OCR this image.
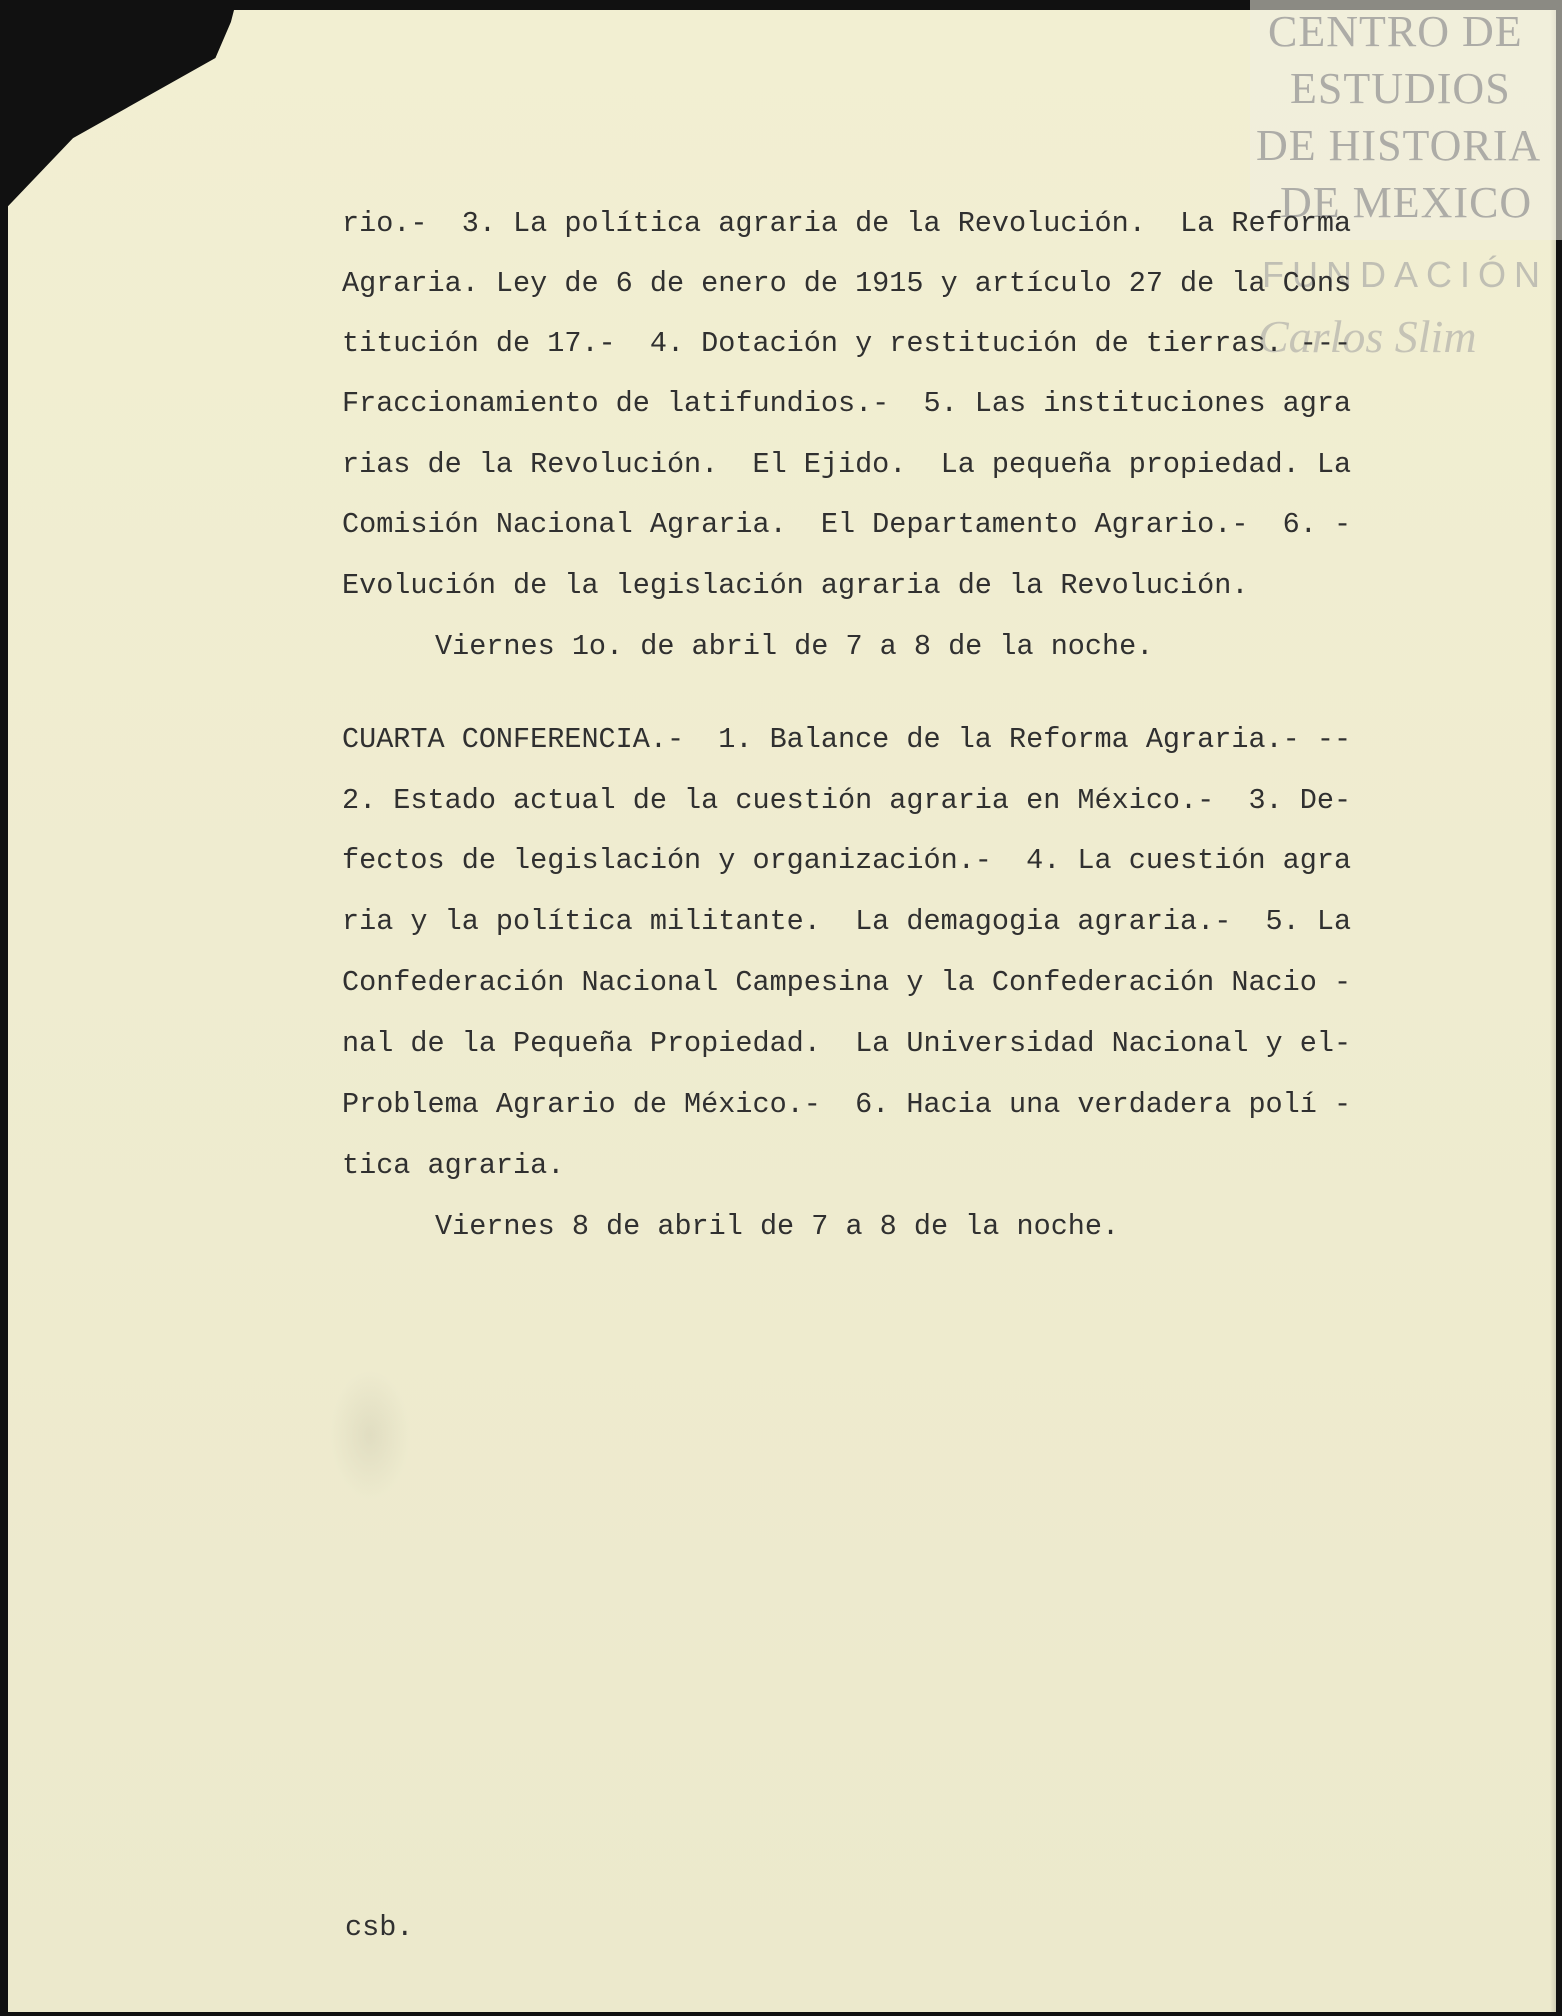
CENTRO DE
ESTUDIOS
DE HISTORIA
DE MEXICO
FUNDACIÓN
Carlos Slim
rio.-  3. La política agraria de la Revolución.  La Reforma
Agraria. Ley de 6 de enero de 1915 y artículo 27 de la Cons
titución de 17.-  4. Dotación y restitución de tierras. ---
Fraccionamiento de latifundios.-  5. Las instituciones agra
rias de la Revolución.  El Ejido.  La pequeña propiedad. La
Comisión Nacional Agraria.  El Departamento Agrario.-  6. -
Evolución de la legislación agraria de la Revolución.
Viernes 1o. de abril de 7 a 8 de la noche.
CUARTA CONFERENCIA.-  1. Balance de la Reforma Agraria.- --
2. Estado actual de la cuestión agraria en México.-  3. De-
fectos de legislación y organización.-  4. La cuestión agra
ria y la política militante.  La demagogia agraria.-  5. La
Confederación Nacional Campesina y la Confederación Nacio -
nal de la Pequeña Propiedad.  La Universidad Nacional y el-
Problema Agrario de México.-  6. Hacia una verdadera polí -
tica agraria.
Viernes 8 de abril de 7 a 8 de la noche.
csb.
